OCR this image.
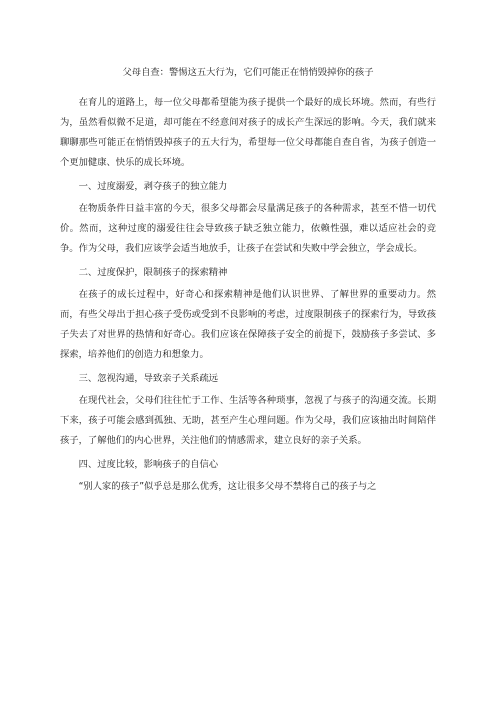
父母自查：警惕这五大行为，它们可能正在悄悄毁掉你的孩子

在育儿的道路上，每一位父母都希望能为孩子提供一个最好的成长环境。然而，有些行为，虽然看似微不足道，却可能在不经意间对孩子的成长产生深远的影响。今天，我们就来聊聊那些可能正在悄悄毁掉孩子的五大行为，希望每一位父母都能自查自省，为孩子创造一个更加健康、快乐的成长环境。

一、过度溺爱，剥夺孩子的独立能力

在物质条件日益丰富的今天，很多父母都会尽量满足孩子的各种需求，甚至不惜一切代价。然而，这种过度的溺爱往往会导致孩子缺乏独立能力，依赖性强，难以适应社会的竞争。作为父母，我们应该学会适当地放手，让孩子在尝试和失败中学会独立，学会成长。

二、过度保护，限制孩子的探索精神

在孩子的成长过程中，好奇心和探索精神是他们认识世界、了解世界的重要动力。然而，有些父母出于担心孩子受伤或受到不良影响的考虑，过度限制孩子的探索行为，导致孩子失去了对世界的热情和好奇心。我们应该在保障孩子安全的前提下，鼓励孩子多尝试、多探索，培养他们的创造力和想象力。

三、忽视沟通，导致亲子关系疏远

在现代社会，父母们往往忙于工作、生活等各种琐事，忽视了与孩子的沟通交流。长期下来，孩子可能会感到孤独、无助，甚至产生心理问题。作为父母，我们应该抽出时间陪伴孩子，了解他们的内心世界，关注他们的情感需求，建立良好的亲子关系。

四、过度比较，影响孩子的自信心

“别人家的孩子”似乎总是那么优秀，这让很多父母不禁将自己的孩子与之
